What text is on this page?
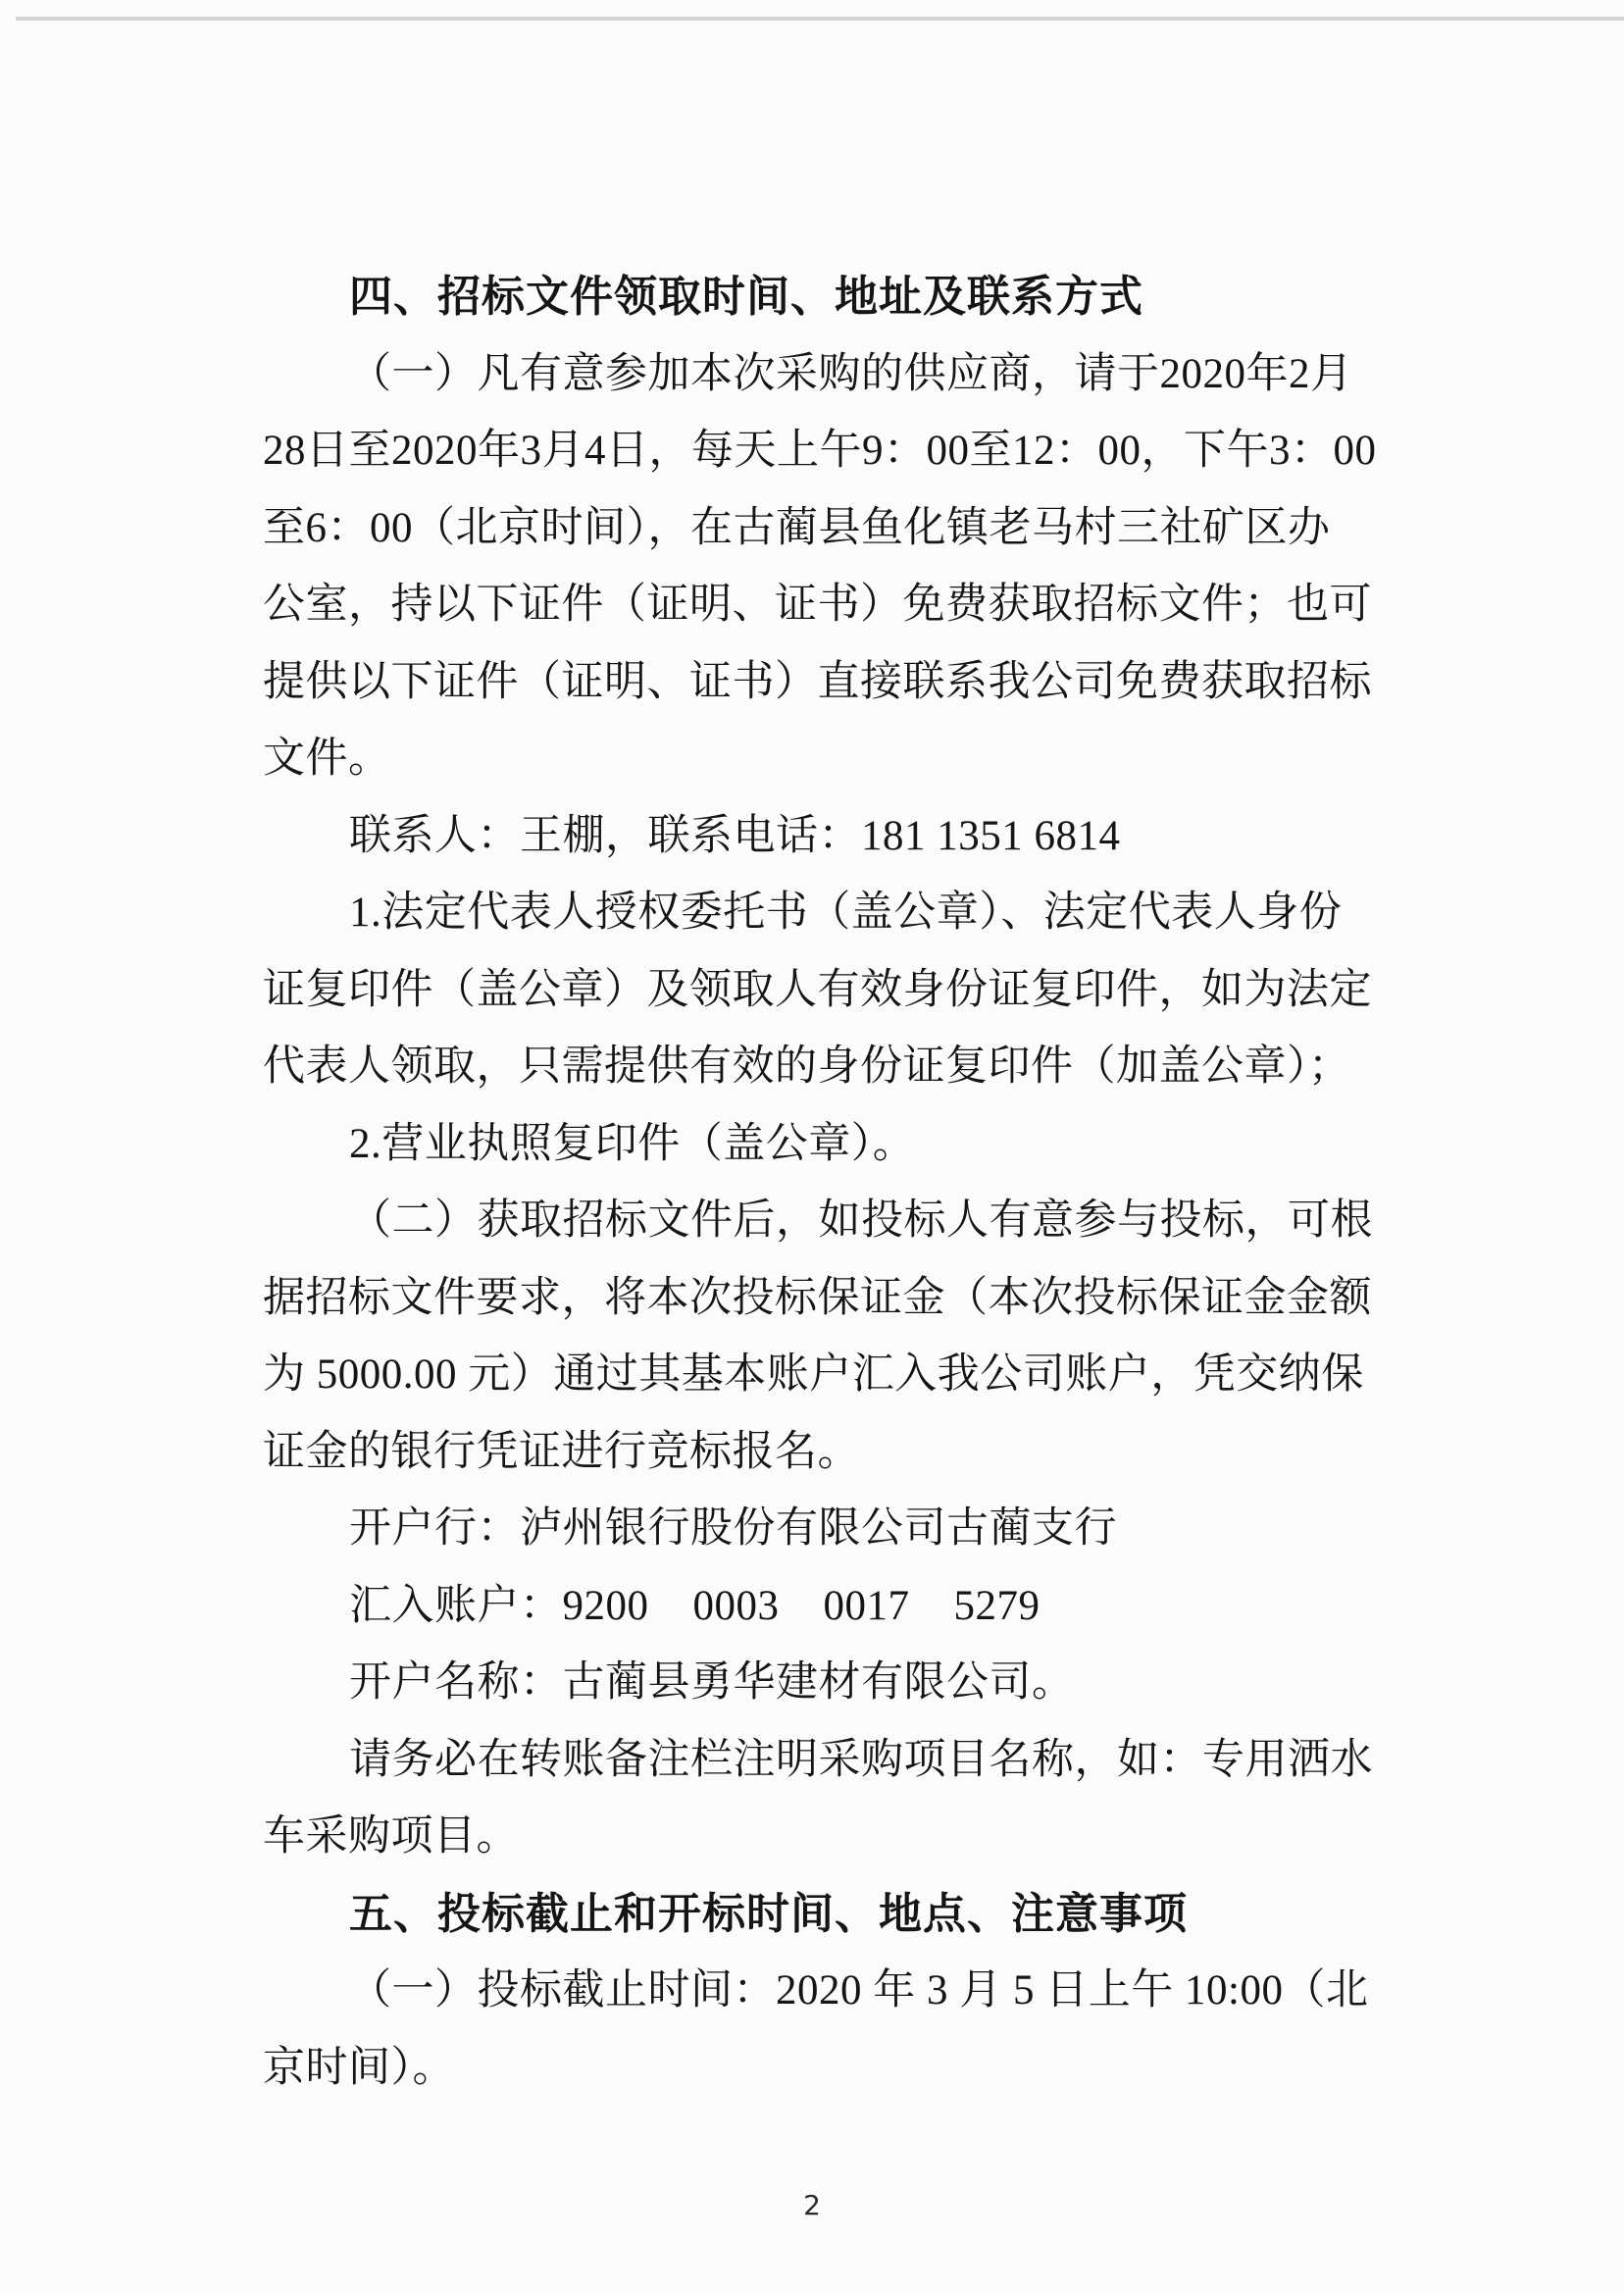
四、招标文件领取时间、地址及联系方式
（一）凡有意参加本次采购的供应商，请于2020年2月
28日至2020年3月4日，每天上午9：00至12：00，下午3：00
至6：00（北京时间），在古蔺县鱼化镇老马村三社矿区办
公室，持以下证件（证明、证书）免费获取招标文件；也可
提供以下证件（证明、证书）直接联系我公司免费获取招标
文件。
联系人：王棚，联系电话：181 1351 6814
1.法定代表人授权委托书（盖公章）、法定代表人身份
证复印件（盖公章）及领取人有效身份证复印件，如为法定
代表人领取，只需提供有效的身份证复印件（加盖公章）；
2.营业执照复印件（盖公章）。
（二）获取招标文件后，如投标人有意参与投标，可根
据招标文件要求，将本次投标保证金（本次投标保证金金额
为 5000.00 元）通过其基本账户汇入我公司账户，凭交纳保
证金的银行凭证进行竞标报名。
开户行：泸州银行股份有限公司古蔺支行
汇入账户：9200    0003    0017    5279
开户名称：古蔺县勇华建材有限公司。
请务必在转账备注栏注明采购项目名称，如：专用洒水
车采购项目。
五、投标截止和开标时间、地点、注意事项
（一）投标截止时间：2020 年 3 月 5 日上午 10:00（北
京时间）。
2
